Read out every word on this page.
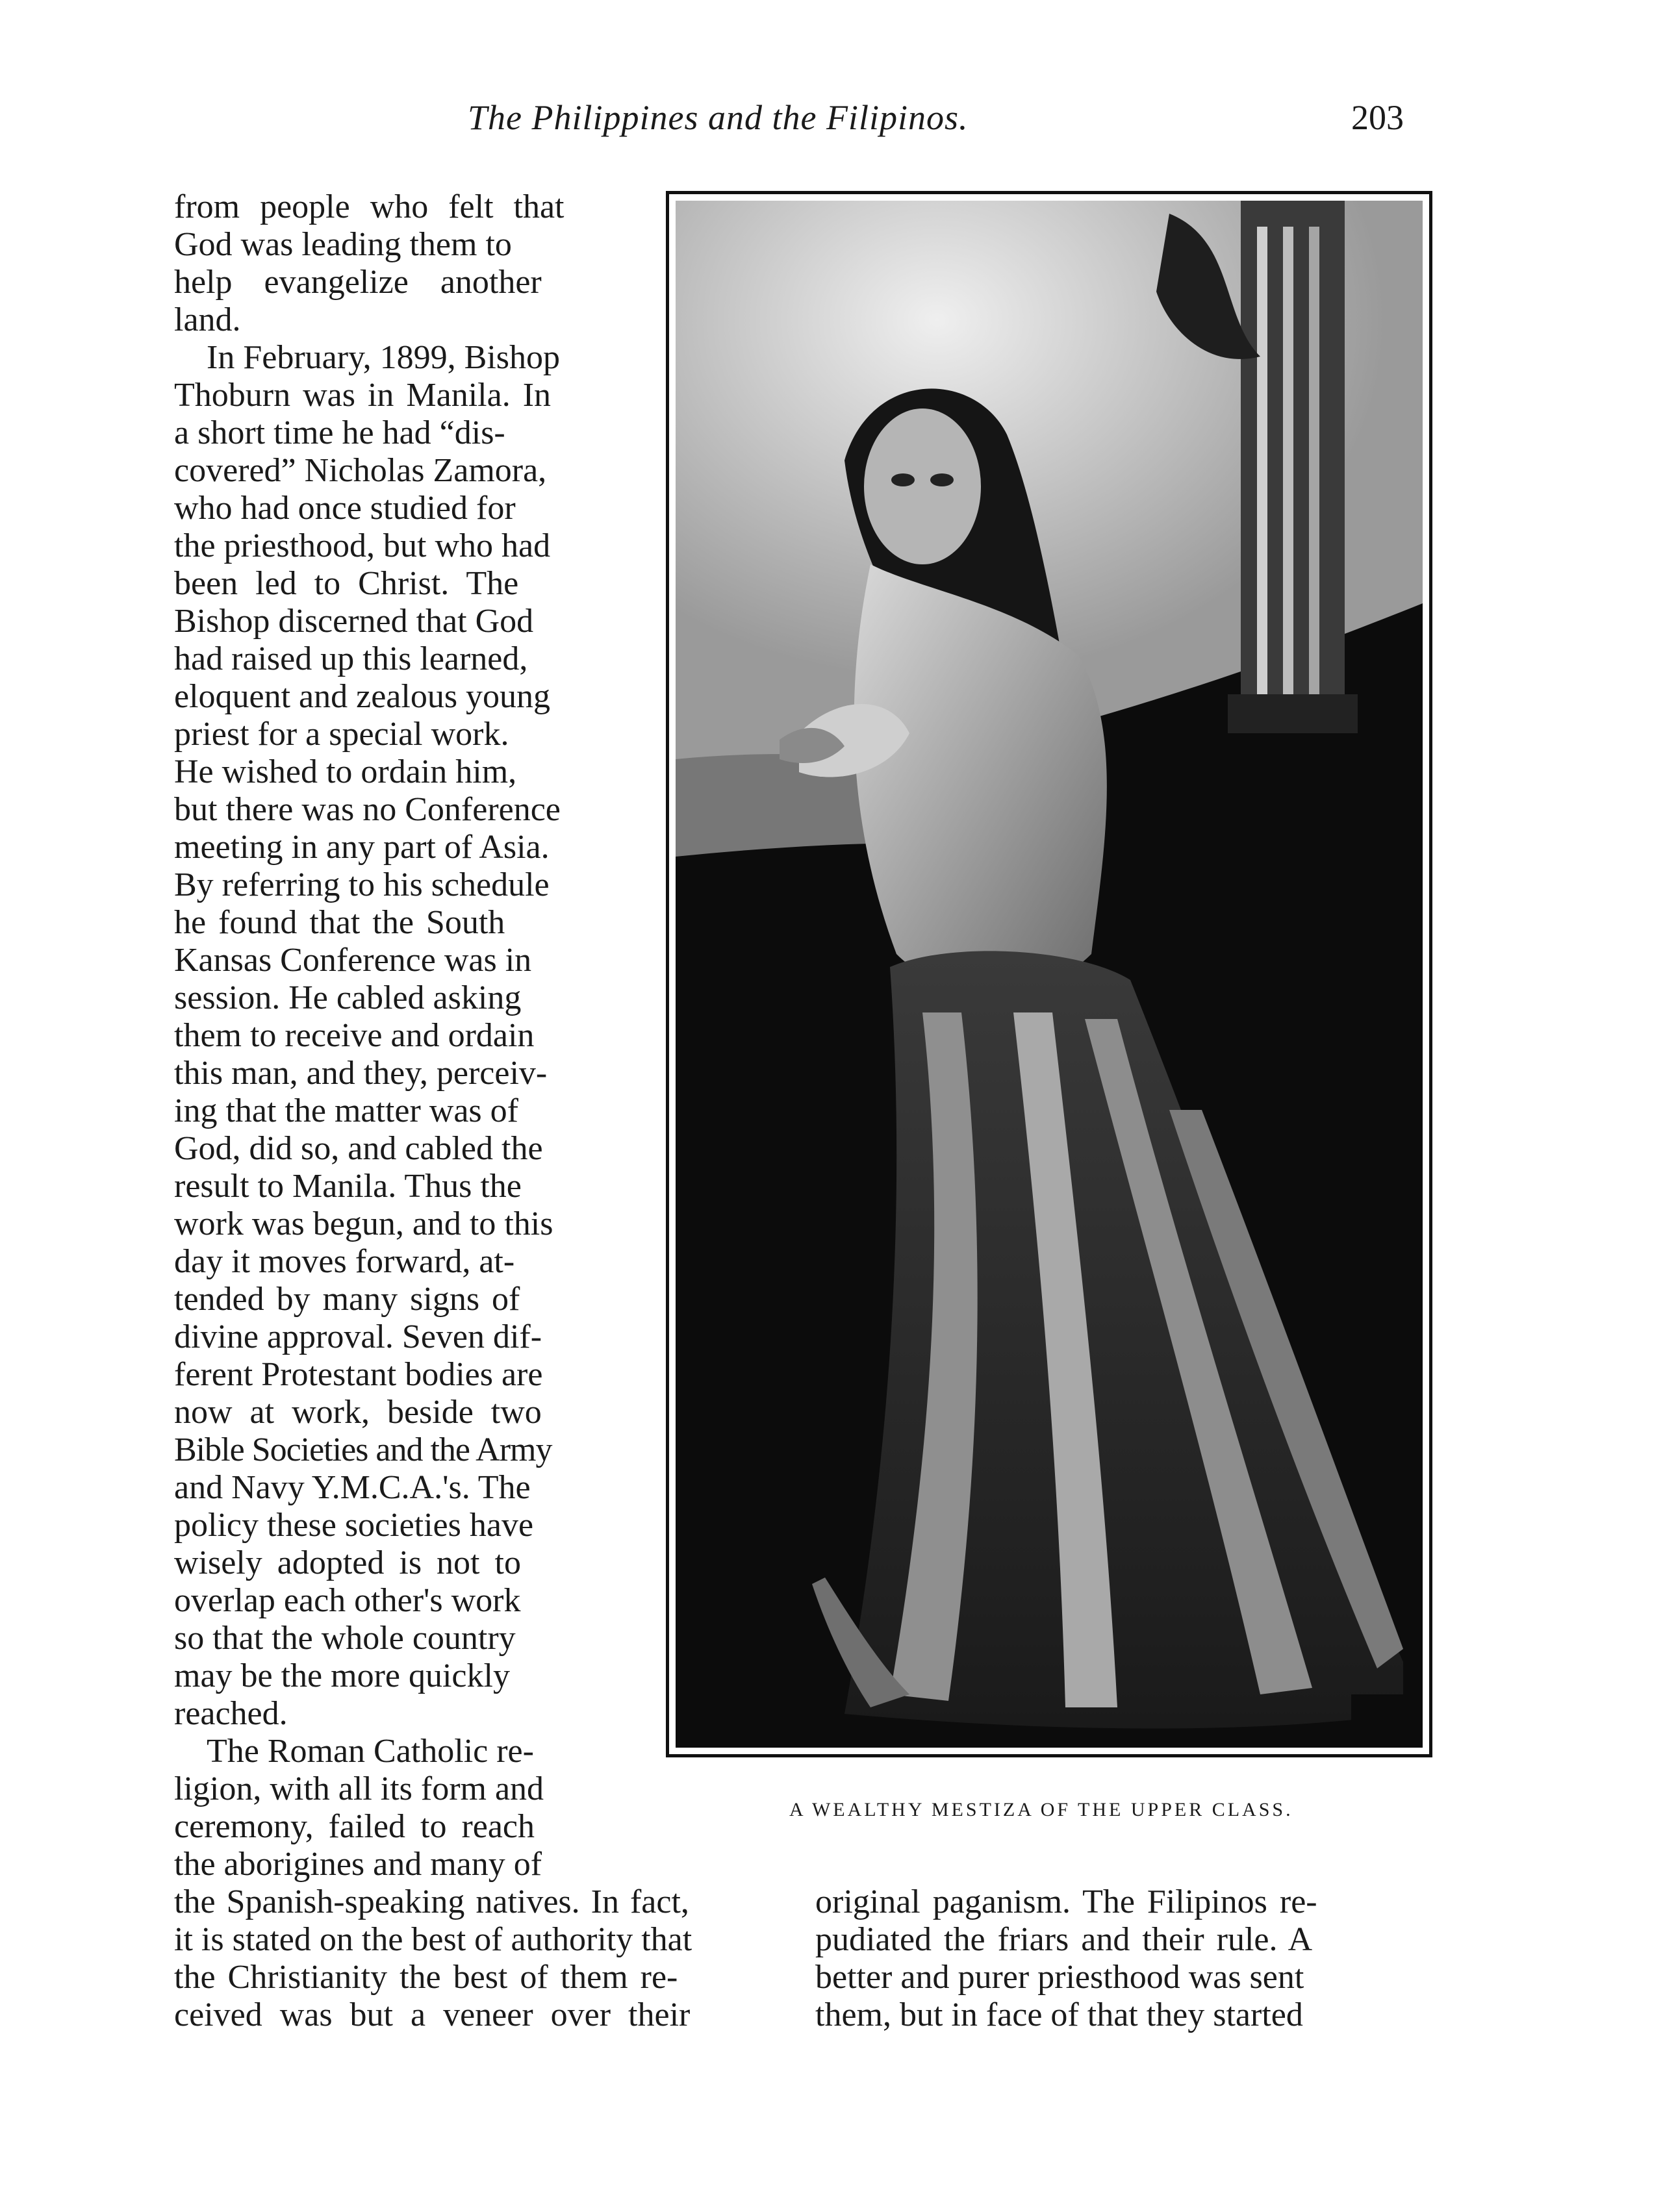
The Philippines and the Filipinos.	203
from people who felt that
God was leading them to
help evangelize another
land.
In February, 1899, Bishop
Thoburn was in Manila. In
a short time he had “dis-
covered” Nicholas Zamora,
who had once studied for
the priesthood, but who had
been led to Christ. The
Bishop discerned that God
had raised up this learned,
eloquent and zealous young
priest for a special work.
He wished to ordain him,
but there was no Conference
meeting in any part of Asia.
By referring to his schedule
he found that the South
Kansas Conference was in
session. He cabled asking
them to receive and ordain
this man, and they, perceiv-
ing that the matter was of
God, did so, and cabled the
result to Manila. Thus the
work was begun, and to this
day it moves forward, at-
tended by many signs of
divine approval. Seven dif-
ferent Protestant bodies are
now at work, beside two
Bible Societies and the Army
and Navy Y.M.C.A.'s. The
policy these societies have
wisely adopted is not to
overlap each other's work
so that the whole country
may be the more quickly
reached.
The Roman Catholic re-
ligion, with all its form and
ceremony, failed to reach
the aborigines and many of
A WEALTHY MESTIZA OF THE UPPER CLASS.
the Spanish-speaking natives. In fact,
it is stated on the best of authority that
the Christianity the best of them re-
ceived was but a veneer over their
original paganism. The Filipinos re-
pudiated the friars and their rule. A
better and purer priesthood was sent
them, but in face of that they started
